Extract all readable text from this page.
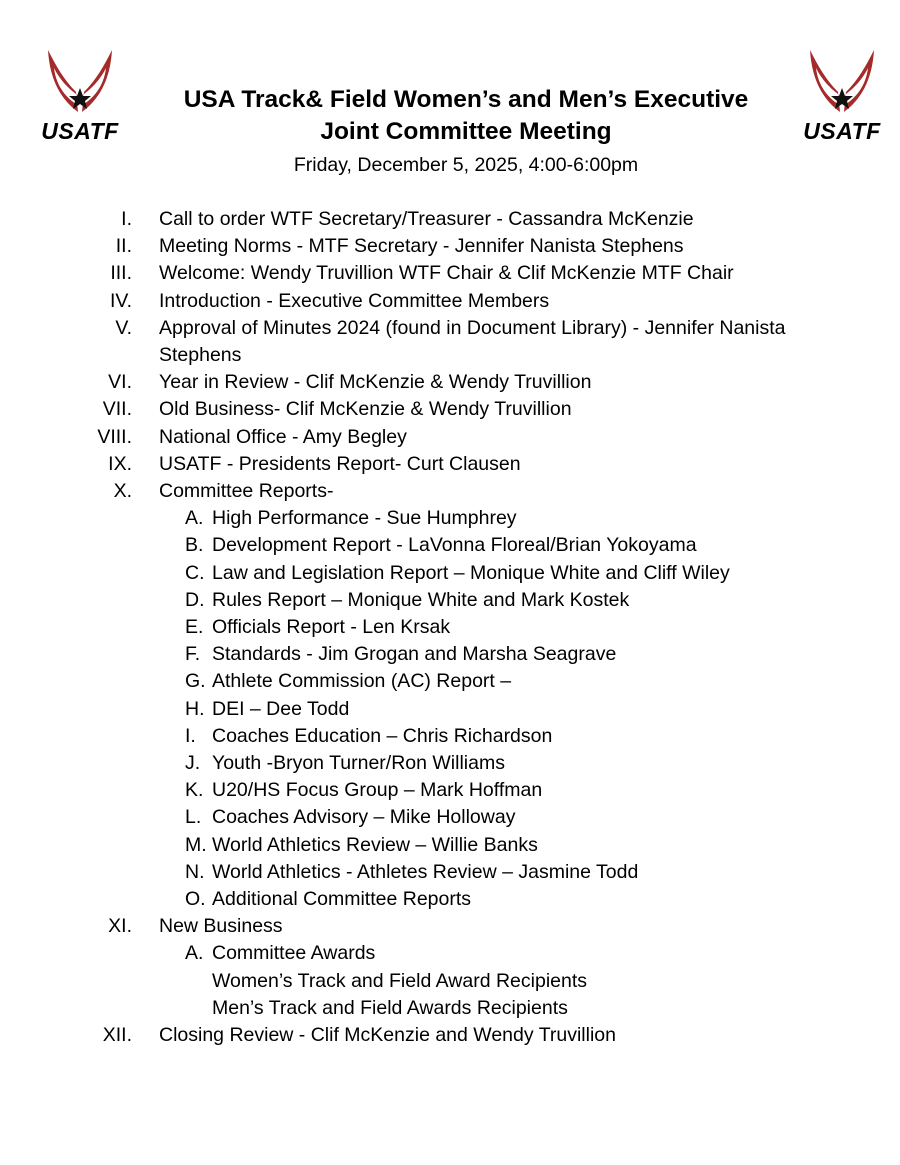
USATF	USATF
USA Track& Field Women’s and Men’s Executive
Joint Committee Meeting
Friday, December 5, 2025, 4:00-6:00pm
I. Call to order WTF Secretary/Treasurer - Cassandra McKenzie
II. Meeting Norms - MTF Secretary - Jennifer Nanista Stephens
III. Welcome: Wendy Truvillion WTF Chair & Clif McKenzie MTF Chair
IV. Introduction - Executive Committee Members
V. Approval of Minutes 2024 (found in Document Library) - Jennifer Nanista Stephens
VI. Year in Review - Clif McKenzie & Wendy Truvillion
VII. Old Business- Clif McKenzie & Wendy Truvillion
VIII. National Office - Amy Begley
IX. USATF - Presidents Report- Curt Clausen
X. Committee Reports-
A. High Performance - Sue Humphrey
B. Development Report - LaVonna Floreal/Brian Yokoyama
C. Law and Legislation Report – Monique White and Cliff Wiley
D. Rules Report – Monique White and Mark Kostek
E. Officials Report - Len Krsak
F. Standards - Jim Grogan and Marsha Seagrave
G. Athlete Commission (AC) Report –
H. DEI – Dee Todd
I. Coaches Education – Chris Richardson
J. Youth -Bryon Turner/Ron Williams
K. U20/HS Focus Group – Mark Hoffman
L. Coaches Advisory – Mike Holloway
M. World Athletics Review – Willie Banks
N. World Athletics - Athletes Review – Jasmine Todd
O. Additional Committee Reports
XI. New Business
A. Committee Awards
Women’s Track and Field Award Recipients
Men’s Track and Field Awards Recipients
XII. Closing Review - Clif McKenzie and Wendy Truvillion
